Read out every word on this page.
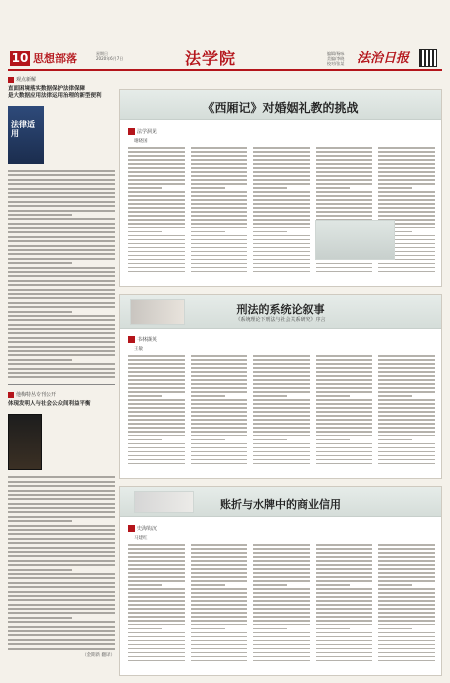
10 思想部落	星期日
2020年6月7日	法学院	编辑/杨咏
美编/李晓
校对/张某 法治日报
观点新解
直面困境落实数据保护法律保障
是大数据应用法律运用治理的新型便利
法律适用
他梅特丛专刊公开
体现发明人与社会公众间利益平衡
（金期新 翻译）
《西厢记》对婚姻礼教的挑战
法学洞见
谢晓国
刑法的系统论叙事
《系统理论下刑法与社会关系研究》序言
书林撷英
王敏
账折与水牌中的商业信用
史海钩沉
马建红
